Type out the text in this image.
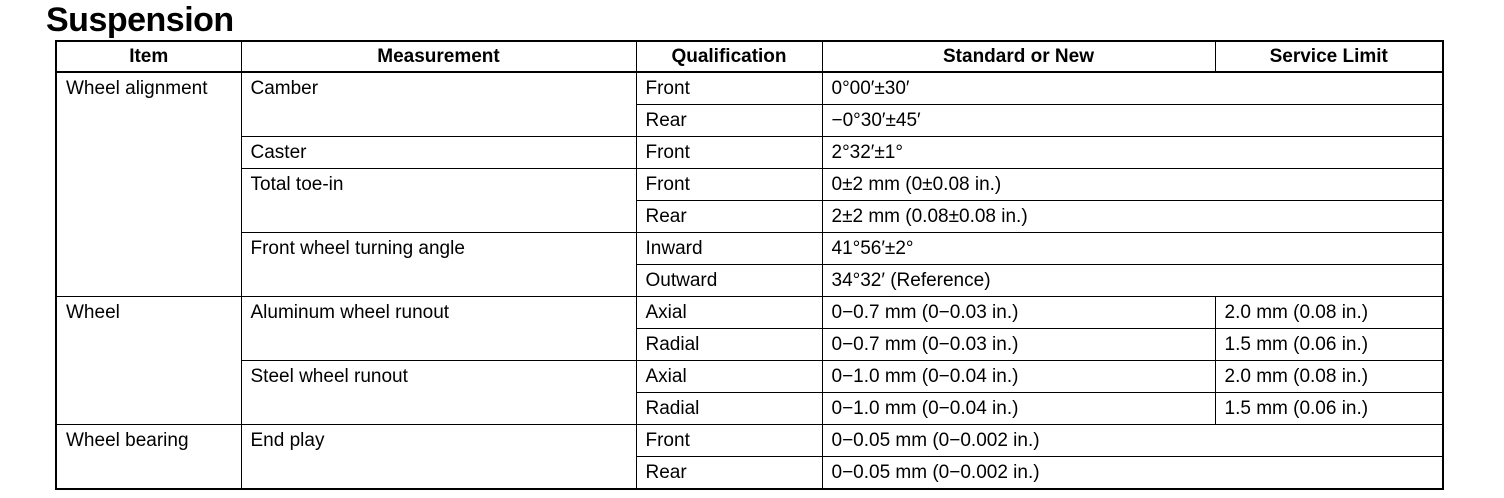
Suspension
Item	Measurement	Qualification	Standard or New	Service Limit
Wheel alignment	Camber	Front	0°00′±30′	
		Rear	−0°30′±45′	
	Caster	Front	2°32′±1°	
	Total toe-in	Front	0±2 mm (0±0.08 in.)	
		Rear	2±2 mm (0.08±0.08 in.)	
	Front wheel turning angle	Inward	41°56′±2°	
		Outward	34°32′ (Reference)	
Wheel	Aluminum wheel runout	Axial	0−0.7 mm (0−0.03 in.)	2.0 mm (0.08 in.)
		Radial	0−0.7 mm (0−0.03 in.)	1.5 mm (0.06 in.)
	Steel wheel runout	Axial	0−1.0 mm (0−0.04 in.)	2.0 mm (0.08 in.)
		Radial	0−1.0 mm (0−0.04 in.)	1.5 mm (0.06 in.)
Wheel bearing	End play	Front	0−0.05 mm (0−0.002 in.)	
		Rear	0−0.05 mm (0−0.002 in.)	
